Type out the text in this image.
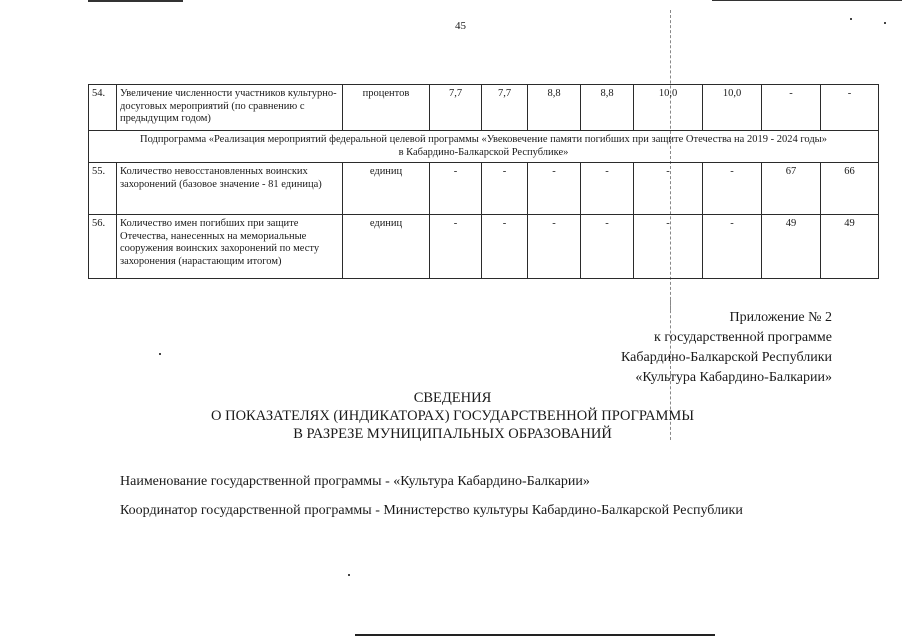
45
54.	Увеличение численности участников культурно-досуговых мероприятий (по сравнению с предыдущим годом)	процентов	7,7	7,7	8,8	8,8	10,0	10,0	-	-

Подпрограмма «Реализация мероприятий федеральной целевой программы «Увековечение памяти погибших при защите Отечества на 2019 - 2024 годы»
в Кабардино-Балкарской Республике»										

55.	Количество невосстановленных воинских захоронений (базовое значение - 81 единица)	единиц	-	-	-	-	-	-	67	66
56.	Количество имен погибших при защите Отечества, нанесенных на мемориальные сооружения воинских захоронений по месту захоронения (нарастающим итогом)	единиц	-	-	-	-	-	-	49	49
Приложение № 2
к государственной программе
Кабардино-Балкарской Республики
«Культура Кабардино-Балкарии»
СВЕДЕНИЯ
О ПОКАЗАТЕЛЯХ (ИНДИКАТОРАХ) ГОСУДАРСТВЕННОЙ ПРОГРАММЫ
В РАЗРЕЗЕ МУНИЦИПАЛЬНЫХ ОБРАЗОВАНИЙ
Наименование государственной программы - «Культура Кабардино-Балкарии»
Координатор государственной программы - Министерство культуры Кабардино-Балкарской Республики
